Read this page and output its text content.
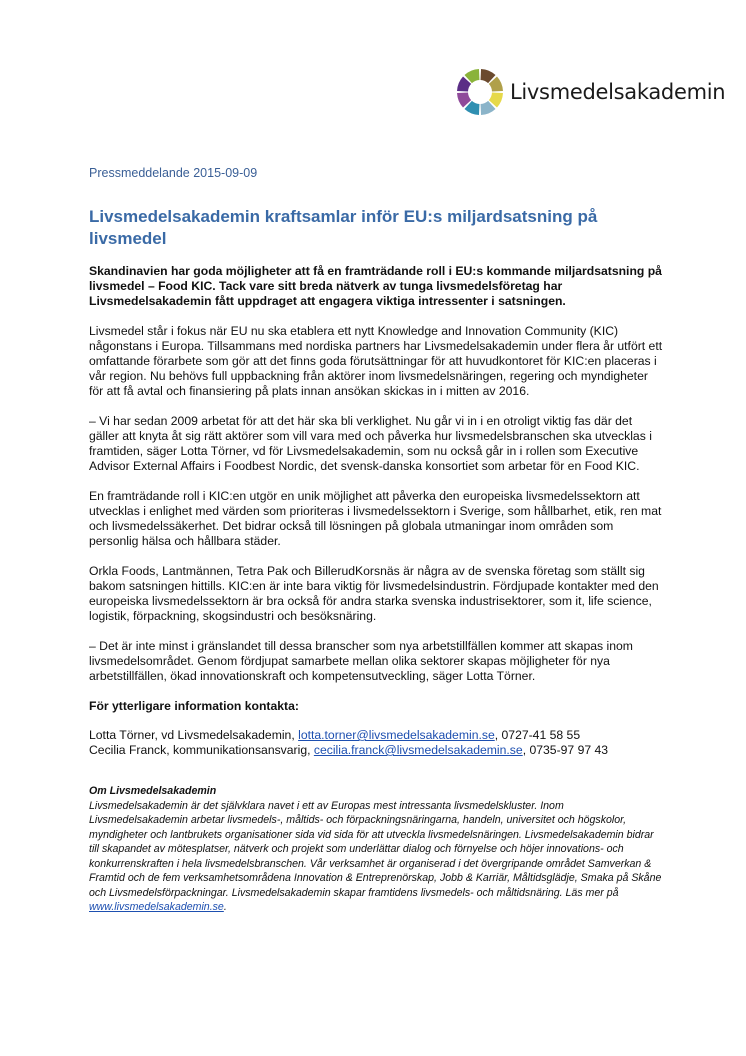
Livsmedelsakademin

Pressmeddelande 2015-09-09

Livsmedelsakademin kraftsamlar inför EU:s miljardsatsning på livsmedel

Skandinavien har goda möjligheter att få en framträdande roll i EU:s kommande miljardsatsning på livsmedel – Food KIC. Tack vare sitt breda nätverk av tunga livsmedelsföretag har Livsmedelsakademin fått uppdraget att engagera viktiga intressenter i satsningen.

Livsmedel står i fokus när EU nu ska etablera ett nytt Knowledge and Innovation Community (KIC) någonstans i Europa. Tillsammans med nordiska partners har Livsmedelsakademin under flera år utfört ett omfattande förarbete som gör att det finns goda förutsättningar för att huvudkontoret för KIC:en placeras i vår region. Nu behövs full uppbackning från aktörer inom livsmedelsnäringen, regering och myndigheter för att få avtal och finansiering på plats innan ansökan skickas in i mitten av 2016.

– Vi har sedan 2009 arbetat för att det här ska bli verklighet. Nu går vi in i en otroligt viktig fas där det gäller att knyta åt sig rätt aktörer som vill vara med och påverka hur livsmedelsbranschen ska utvecklas i framtiden, säger Lotta Törner, vd för Livsmedelsakademin, som nu också går in i rollen som Executive Advisor External Affairs i Foodbest Nordic, det svensk-danska konsortiet som arbetar för en Food KIC.

En framträdande roll i KIC:en utgör en unik möjlighet att påverka den europeiska livsmedelssektorn att utvecklas i enlighet med värden som prioriteras i livsmedelssektorn i Sverige, som hållbarhet, etik, ren mat och livsmedelssäkerhet. Det bidrar också till lösningen på globala utmaningar inom områden som personlig hälsa och hållbara städer.

Orkla Foods, Lantmännen, Tetra Pak och BillerudKorsnäs är några av de svenska företag som ställt sig bakom satsningen hittills. KIC:en är inte bara viktig för livsmedelsindustrin. Fördjupade kontakter med den europeiska livsmedelssektorn är bra också för andra starka svenska industrisektorer, som it, life science, logistik, förpackning, skogsindustri och besöksnäring.

– Det är inte minst i gränslandet till dessa branscher som nya arbetstillfällen kommer att skapas inom livsmedelsområdet. Genom fördjupat samarbete mellan olika sektorer skapas möjligheter för nya arbetstillfällen, ökad innovationskraft och kompetensutveckling, säger Lotta Törner.

För ytterligare information kontakta:

Lotta Törner, vd Livsmedelsakademin, lotta.torner@livsmedelsakademin.se, 0727-41 58 55
Cecilia Franck, kommunikationsansvarig, cecilia.franck@livsmedelsakademin.se, 0735-97 97 43
Om Livsmedelsakademin
Livsmedelsakademin är det självklara navet i ett av Europas mest intressanta livsmedelskluster. Inom Livsmedelsakademin arbetar livsmedels-, måltids- och förpackningsnäringarna, handeln, universitet och högskolor, myndigheter och lantbrukets organisationer sida vid sida för att utveckla livsmedelsnäringen. Livsmedelsakademin bidrar till skapandet av mötesplatser, nätverk och projekt som underlättar dialog och förnyelse och höjer innovations- och konkurrenskraften i hela livsmedelsbranschen. Vår verksamhet är organiserad i det övergripande området Samverkan & Framtid och de fem verksamhetsområdena Innovation & Entreprenörskap, Jobb & Karriär, Måltidsglädje, Smaka på Skåne och Livsmedelsförpackningar. Livsmedelsakademin skapar framtidens livsmedels- och måltidsnäring. Läs mer på www.livsmedelsakademin.se.
